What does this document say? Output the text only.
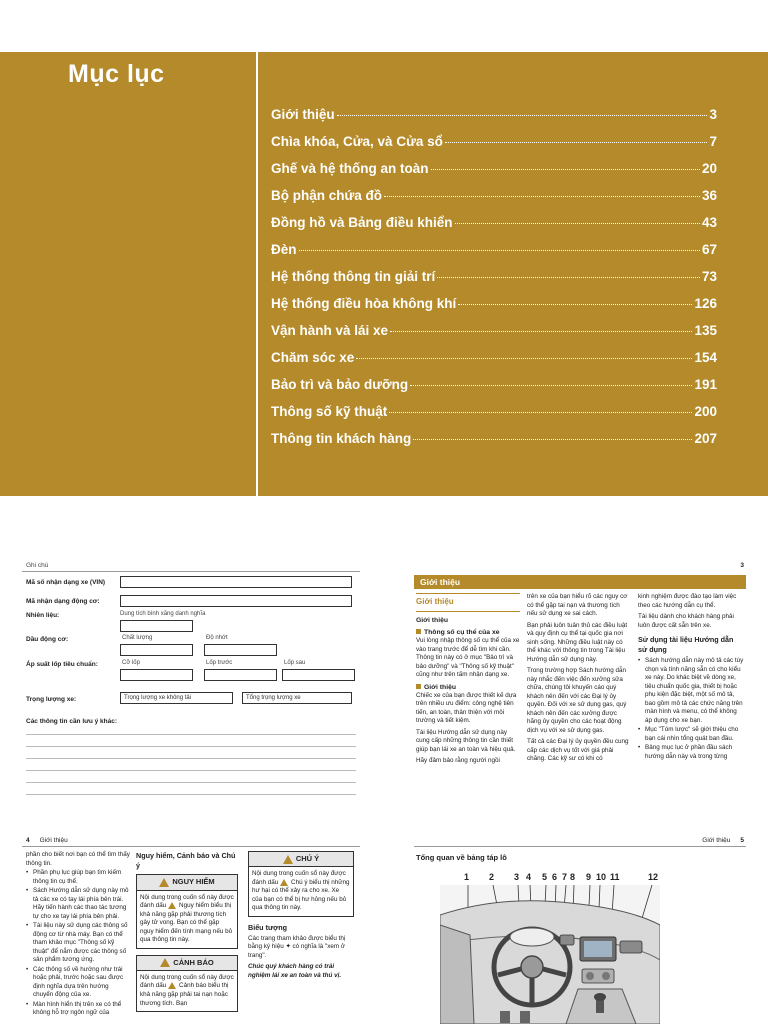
Mục lục
Giới thiệu	3
Chìa khóa, Cửa, và Cửa sổ	7
Ghế và hệ thống an toàn	20
Bộ phận chứa đồ	36
Đồng hồ và Bảng điều khiển	43
Đèn	67
Hệ thống thông tin giải trí	73
Hệ thống điều hòa không khí	126
Vận hành và lái xe	135
Chăm sóc xe	154
Bảo trì và bảo dưỡng	191
Thông số kỹ thuật	200
Thông tin khách hàng	207
Ghi chú
Mã số nhận dạng xe (VIN)
Mã nhận dạng động cơ:
Nhiên liệu:	Dung tích bình xăng danh nghĩa
Dầu động cơ:	Chất lượng	Độ nhớt
Áp suất lốp tiêu chuẩn:	Cỡ lốp	Lốp trước	Lốp sau
Trọng lượng xe:	Trọng lượng xe không tải	Tổng trọng lượng xe
Các thông tin cần lưu ý khác:
3
Giới thiệu
Giới thiệu
Giới thiệu
Thông số cụ thể của xe

Vui lòng nhập thông số cụ thể của xe vào trang trước để dễ tìm khi cần. Thông tin này có ở mục "Bảo trì và bảo dưỡng" và "Thông số kỹ thuật" cũng như trên tấm nhận dạng xe.

Giới thiệu

Chiếc xe của bạn được thiết kế dựa trên nhiều ưu điểm: công nghệ tiên tiến, an toàn, thân thiện với môi trường và tiết kiệm.

Tài liệu Hướng dẫn sử dụng này cung cấp những thông tin cần thiết giúp bạn lái xe an toàn và hiệu quả.

Hãy đảm bảo rằng người ngồi

trên xe của bạn hiểu rõ các nguy cơ có thể gặp tai nạn và thương tích nếu sử dụng xe sai cách.

Bạn phải luôn tuân thủ các điều luật và quy định cụ thể tại quốc gia nơi sinh sống. Những điều luật này có thể khác với thông tin trong Tài liệu Hướng dẫn sử dụng này.

Trong trường hợp Sách hướng dẫn này nhắc đến việc đến xưởng sửa chữa, chúng tôi khuyến cáo quý khách nên đến với các Đại lý ủy quyền. Đối với xe sử dụng gas, quý khách nên đến các xưởng được hãng ủy quyền cho các hoạt động dịch vụ với xe sử dụng gas.

Tất cả các Đại lý ủy quyền đều cung cấp các dịch vụ tốt với giá phải chăng. Các kỹ sư có khi có

kinh nghiệm được đào tạo làm việc theo các hướng dẫn cụ thể.

Tài liệu dành cho khách hàng phải luôn được cất sẵn trên xe.

Sử dụng tài liệu Hướng dẫn sử dụng
• Sách hướng dẫn này mô tả các tùy chọn và tính năng sẵn có cho kiểu xe này. Do khác biệt về dòng xe, tiêu chuẩn quốc gia, thiết bị hoặc phụ kiện đặc biệt, một số mô tả, bao gồm mô tả các chức năng trên màn hình và menu, có thể không áp dụng cho xe bạn.
• Mục "Tóm lược" sẽ giới thiệu cho bạn cái nhìn tổng quát ban đầu.
• Bảng mục lục ở phần đầu sách hướng dẫn này và trong từng
4 Giới thiệu
phần cho biết nơi bạn có thể tìm thấy thông tin.
• Phần phụ lục giúp bạn tìm kiếm thông tin cụ thể.
• Sách Hướng dẫn sử dụng này mô tả các xe có tay lái phía bên trái. Hãy tiến hành các thao tác tương tự cho xe tay lái phía bên phải.
• Tài liệu này sử dụng các thông số động cơ từ nhà máy. Bạn có thể tham khảo mục "Thông số kỹ thuật" để nắm được các thông số sản phẩm tương ứng.
• Các thông số về hướng như trái hoặc phải, trước hoặc sau được định nghĩa dựa trên hướng chuyển động của xe.
• Màn hình hiển thị trên xe có thể không hỗ trợ ngôn ngữ của
Nguy hiểm, Cảnh báo và Chú ý
NGUY HIỂM
Nội dung trong cuốn sổ này được đánh dấu Nguy hiểm biểu thị khả năng gặp phải thương tích gây tử vong. Bạn có thể gặp nguy hiểm đến tính mạng nếu bỏ qua thông tin này.
CẢNH BÁO
Nội dung trong cuốn sổ này được đánh dấu Cảnh báo biểu thị khả năng gặp phải tai nạn hoặc thương tích. Bạn
CHÚ Ý
Nội dung trong cuốn sổ này được đánh dấu Chú ý biểu thị những hư hại có thể xảy ra cho xe. Xe của bạn có thể bị hư hỏng nếu bỏ qua thông tin này.
Biểu tượng

Các trang tham khảo được biểu thị bằng ký hiệu ✦ có nghĩa là "xem ở trang".

Chúc quý khách hàng có trải nghiệm lái xe an toàn và thú vị.

Giới thiệu 5
Tổng quan về bảng táp lô
1 2 3 4 5 6 7 8 9 10 11	12
